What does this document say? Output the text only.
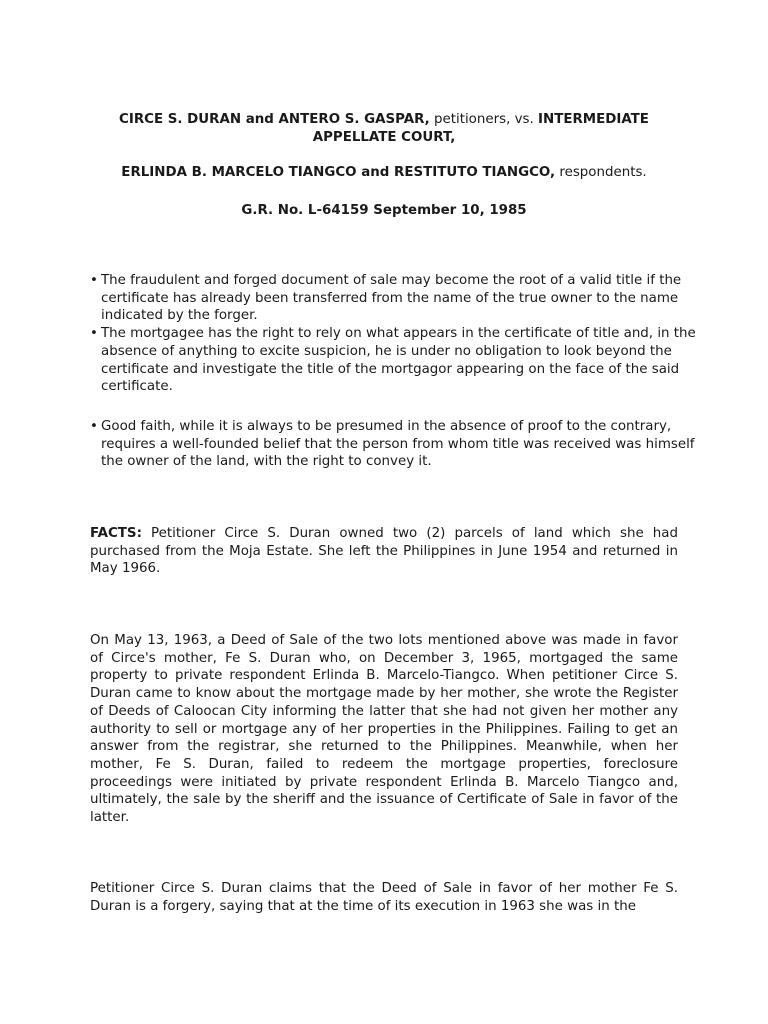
CIRCE S. DURAN and ANTERO S. GASPAR, petitioners, vs. INTERMEDIATE APPELLATE COURT,
ERLINDA B. MARCELO TIANGCO and RESTITUTO TIANGCO, respondents.
G.R. No. L-64159 September 10, 1985
• The fraudulent and forged document of sale may become the root of a valid title if the certificate has already been transferred from the name of the true owner to the name indicated by the forger.
• The mortgagee has the right to rely on what appears in the certificate of title and, in the absence of anything to excite suspicion, he is under no obligation to look beyond the certificate and investigate the title of the mortgagor appearing on the face of the said certificate.
• Good faith, while it is always to be presumed in the absence of proof to the contrary, requires a well-founded belief that the person from whom title was received was himself the owner of the land, with the right to convey it.
FACTS: Petitioner Circe S. Duran owned two (2) parcels of land which she had purchased from the Moja Estate. She left the Philippines in June 1954 and returned in May 1966.
On May 13, 1963, a Deed of Sale of the two lots mentioned above was made in favor of Circe's mother, Fe S. Duran who, on December 3, 1965, mortgaged the same property to private respondent Erlinda B. Marcelo-Tiangco. When petitioner Circe S. Duran came to know about the mortgage made by her mother, she wrote the Register of Deeds of Caloocan City informing the latter that she had not given her mother any authority to sell or mortgage any of her properties in the Philippines. Failing to get an answer from the registrar, she returned to the Philippines. Meanwhile, when her mother, Fe S. Duran, failed to redeem the mortgage properties, foreclosure proceedings were initiated by private respondent Erlinda B. Marcelo Tiangco and, ultimately, the sale by the sheriff and the issuance of Certificate of Sale in favor of the latter.
Petitioner Circe S. Duran claims that the Deed of Sale in favor of her mother Fe S. Duran is a forgery, saying that at the time of its execution in 1963 she was in the
